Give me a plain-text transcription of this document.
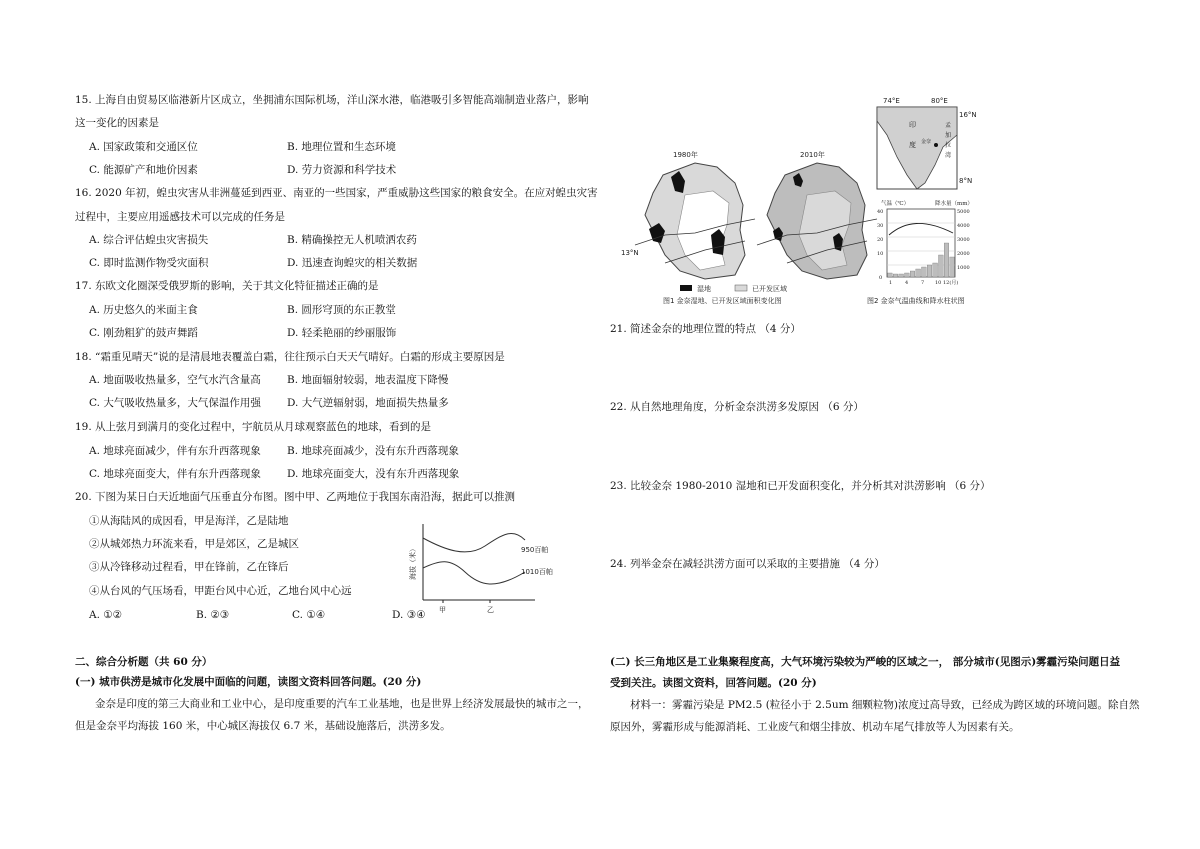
15. 上海自由贸易区临港新片区成立，坐拥浦东国际机场，洋山深水港，临港吸引多智能高端制造业落户，影响
这一变化的因素是
A. 国家政策和交通区位	B. 地理位置和生态环境
C. 能源矿产和地价因素	D. 劳力资源和科学技术
16. 2020 年初，蝗虫灾害从非洲蔓延到西亚、南亚的一些国家，严重威胁这些国家的粮食安全。在应对蝗虫灾害
过程中，主要应用遥感技术可以完成的任务是
A. 综合评估蝗虫灾害损失	B. 精确操控无人机喷洒农药
C. 即时监测作物受灾面积	D. 迅速查询蝗灾的相关数据
17. 东欧文化圈深受俄罗斯的影响，关于其文化特征描述正确的是
A. 历史悠久的米面主食	B. 圆形穹顶的东正教堂
C. 刚劲粗犷的鼓声舞蹈	D. 轻柔艳丽的纱丽服饰
18. “霜重见晴天”说的是清晨地表覆盖白霜，往往预示白天天气晴好。白霜的形成主要原因是
A. 地面吸收热量多，空气水汽含量高 B. 地面辐射较弱，地表温度下降慢
C. 大气吸收热量多，大气保温作用强 D. 大气逆辐射弱，地面损失热量多
19. 从上弦月到满月的变化过程中，宇航员从月球观察蓝色的地球，看到的是
A. 地球亮面减少，伴有东升西落现象 B. 地球亮面减少，没有东升西落现象
C. 地球亮面变大，伴有东升西落现象 D. 地球亮面变大，没有东升西落现象
20. 下图为某日白天近地面气压垂直分布图。图中甲、乙两地位于我国东南沿海，据此可以推测
①从海陆风的成因看，甲是海洋，乙是陆地
②从城郊热力环流来看，甲是郊区，乙是城区
③从冷锋移动过程看，甲在锋前，乙在锋后
④从台风的气压场看，甲距台风中心近，乙地台风中心远
A. ①②	B. ②③	C. ①④	D. ③④
海拔（米）	950百帕
1010百帕
甲	乙
二、综合分析题（共 60 分）
(一) 城市供涝是城市化发展中面临的问题，读图文资料回答问题。(20 分)
金奈是印度的第三大商业和工业中心，是印度重要的汽车工业基地，也是世界上经济发展最快的城市之一，
但是金奈平均海拔 160 米，中心城区海拔仅 6.7 米，基础设施落后，洪涝多发。
1980年
13°N
2010年
湿地	已开发区域
图1 金奈湿地、已开发区域面积变化图
74°E	80°E
16°N
8°N
印
度 金奈
孟
加
拉
湾
气温（℃）	降水量（mm）
40
30
20
10
0
5000
4000
3000
2000
1000
1	4	7 10 12(月)
图2 金奈气温曲线和降水柱状图
21. 简述金奈的地理位置的特点 （4 分）
22. 从自然地理角度，分析金奈洪涝多发原因 （6 分）
23. 比较金奈 1980-2010 湿地和已开发面积变化，并分析其对洪涝影响 （6 分）
24. 列举金奈在减轻洪涝方面可以采取的主要措施 （4 分）
(二) 长三角地区是工业集聚程度高，大气环境污染较为严峻的区域之一， 部分城市(见图示)雾霾污染问题日益
受到关注。读图文资料，回答问题。(20 分)
材料一：雾霾污染是 PM2.5 (粒径小于 2.5um 细颗粒物)浓度过高导致，已经成为跨区域的环境问题。除自然
原因外，雾霾形成与能源消耗、工业废气和烟尘排放、机动车尾气排放等人为因素有关。
